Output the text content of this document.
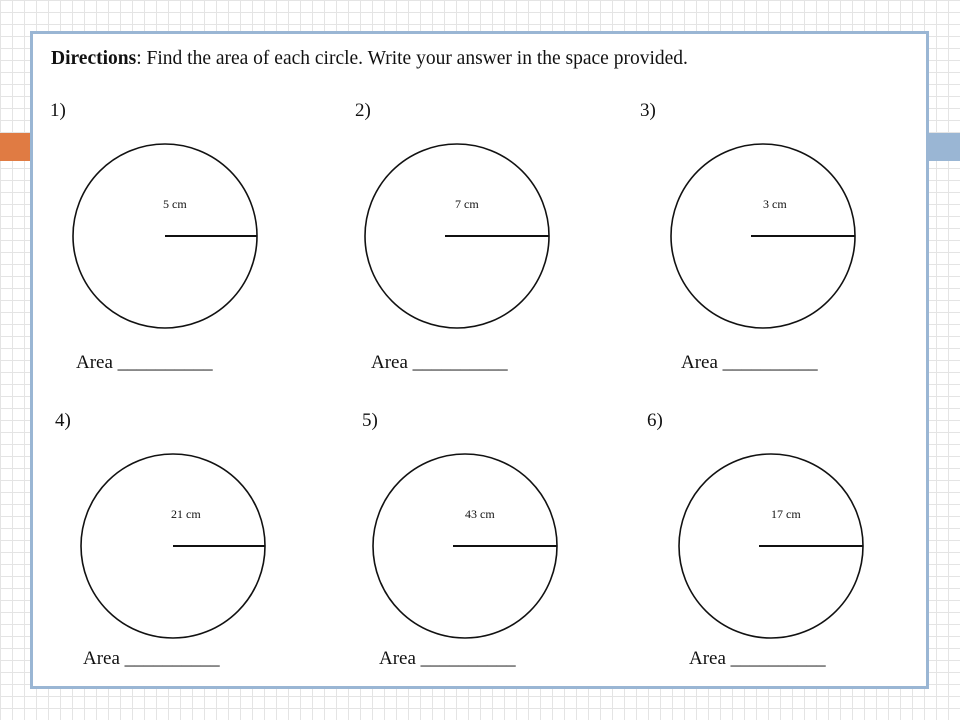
Directions: Find the area of each circle. Write your answer in the space provided.
1)
5 cm
Area __________
2)
7 cm
Area __________
3)
3 cm
Area __________
4)
21 cm
Area __________
5)
43 cm
Area __________
6)
17 cm
Area __________
